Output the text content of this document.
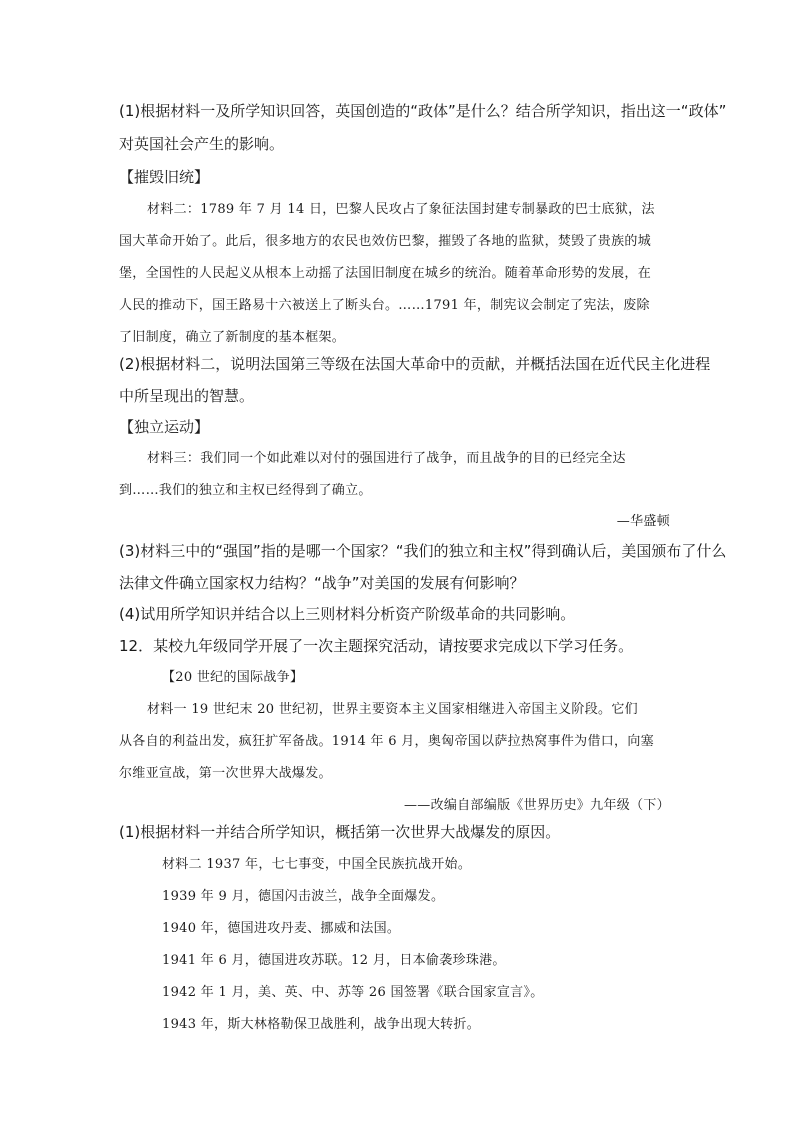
(1)根据材料一及所学知识回答，英国创造的“政体”是什么？结合所学知识，指出这一“政体”
对英国社会产生的影响。
【摧毁旧统】
材料二：1789 年 7 月 14 日，巴黎人民攻占了象征法国封建专制暴政的巴士底狱，法
国大革命开始了。此后，很多地方的农民也效仿巴黎，摧毁了各地的监狱，焚毁了贵族的城
堡，全国性的人民起义从根本上动摇了法国旧制度在城乡的统治。随着革命形势的发展，在
人民的推动下，国王路易十六被送上了断头台。……1791 年，制宪议会制定了宪法，废除
了旧制度，确立了新制度的基本框架。
(2)根据材料二，说明法国第三等级在法国大革命中的贡献，并概括法国在近代民主化进程
中所呈现出的智慧。
【独立运动】
材料三：我们同一个如此难以对付的强国进行了战争，而且战争的目的已经完全达
到……我们的独立和主权已经得到了确立。
—华盛顿
(3)材料三中的“强国”指的是哪一个国家？“我们的独立和主权”得到确认后，美国颁布了什么
法律文件确立国家权力结构？“战争”对美国的发展有何影响？
(4)试用所学知识并结合以上三则材料分析资产阶级革命的共同影响。
12．某校九年级同学开展了一次主题探究活动，请按要求完成以下学习任务。
【20 世纪的国际战争】
材料一 19 世纪末 20 世纪初，世界主要资本主义国家相继进入帝国主义阶段。它们
从各自的利益出发，疯狂扩军备战。1914 年 6 月，奥匈帝国以萨拉热窝事件为借口，向塞
尔维亚宣战，第一次世界大战爆发。
——改编自部编版《世界历史》九年级（下）
(1)根据材料一并结合所学知识，概括第一次世界大战爆发的原因。
材料二 1937 年，七七事变，中国全民族抗战开始。
1939 年 9 月，德国闪击波兰，战争全面爆发。
1940 年，德国进攻丹麦、挪威和法国。
1941 年 6 月，德国进攻苏联。12 月，日本偷袭珍珠港。
1942 年 1 月，美、英、中、苏等 26 国签署《联合国家宣言》。
1943 年，斯大林格勒保卫战胜利，战争出现大转折。
